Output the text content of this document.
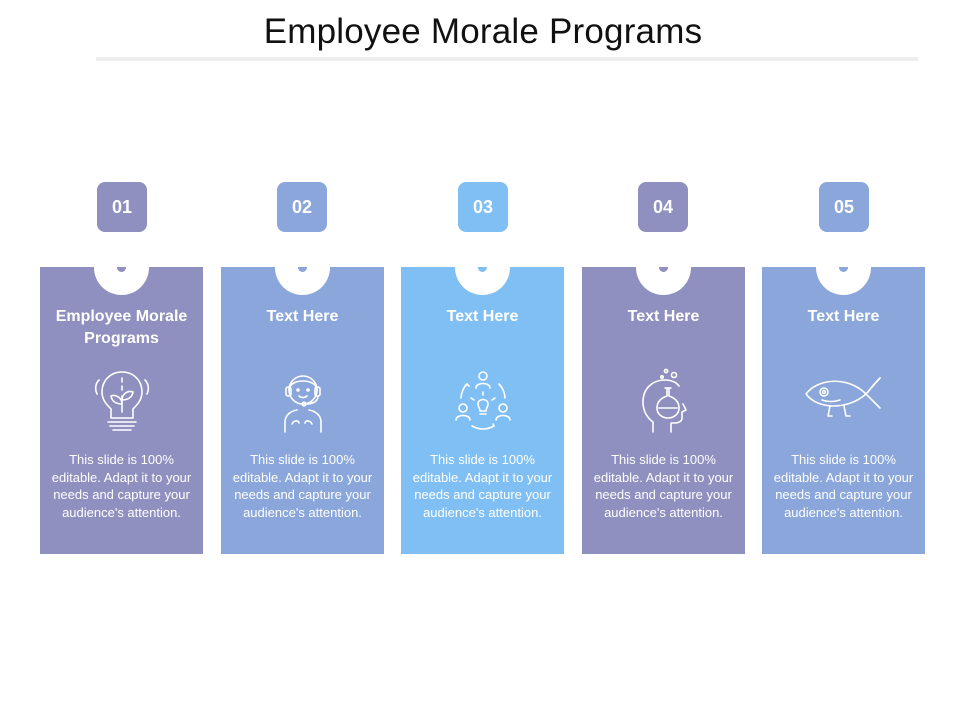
Employee Morale Programs
01
Employee Morale Programs
This slide is 100% editable. Adapt it to your needs and capture your audience's attention.
02
Text Here
This slide is 100% editable. Adapt it to your needs and capture your audience's attention.
03
Text Here
This slide is 100% editable. Adapt it to your needs and capture your audience's attention.
04
Text Here
This slide is 100% editable. Adapt it to your needs and capture your audience's attention.
05
Text Here
This slide is 100% editable. Adapt it to your needs and capture your audience's attention.
